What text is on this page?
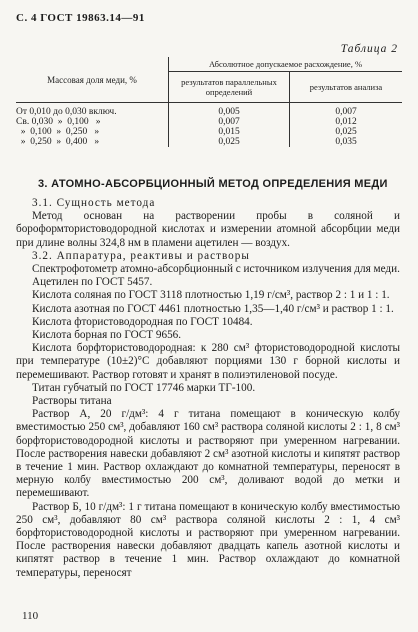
С. 4 ГОСТ 19863.14—91
Таблица 2
Массовая доля меди, %	Абсолютное допускаемое расхождение, %	
	результатов параллельных определений	результатов анализа
От 0,010 до 0,030 включ.	0,005	0,007
Св. 0,030  »  0,100   »	0,007	0,012
»  0,100  »  0,250   »	0,015	0,025
»  0,250  »  0,400   »	0,025	0,035
3. АТОМНО-АБСОРБЦИОННЫЙ МЕТОД ОПРЕДЕЛЕНИЯ МЕДИ

3.1. Сущность метода

Метод основан на растворении пробы в соляной и бороформтористоводородной кислотах и измерении атомной абсорбции меди при длине волны 324,8 нм в пламени ацетилен — воздух.

3.2. Аппаратура, реактивы и растворы

Спектрофотометр атомно-абсорбционный с источником излучения для меди.

Ацетилен по ГОСТ 5457.

Кислота соляная по ГОСТ 3118 плотностью 1,19 г/см³, раствор 2 : 1 и 1 : 1.

Кислота азотная по ГОСТ 4461 плотностью 1,35—1,40 г/см³ и раствор 1 : 1.

Кислота фтористоводородная по ГОСТ 10484.

Кислота борная по ГОСТ 9656.

Кислота борфтористоводородная: к 280 см³ фтористоводородной кислоты при температуре (10±2)°С добавляют порциями 130 г борной кислоты и перемешивают. Раствор готовят и хранят в полиэтиленовой посуде.

Титан губчатый по ГОСТ 17746 марки ТГ-100.

Растворы титана

Раствор А, 20 г/дм³: 4 г титана помещают в коническую колбу вместимостью 250 см³, добавляют 160 см³ раствора соляной кислоты 2 : 1, 8 см³ борфтористоводородной кислоты и растворяют при умеренном нагревании. После растворения навески добавляют 2 см³ азотной кислоты и кипятят раствор в течение 1 мин. Раствор охлаждают до комнатной температуры, переносят в мерную колбу вместимостью 200 см³, доливают водой до метки и перемешивают.

Раствор Б, 10 г/дм³: 1 г титана помещают в коническую колбу вместимостью 250 см³, добавляют 80 см³ раствора соляной кислоты 2 : 1, 4 см³ борфтористоводородной кислоты и растворяют при умеренном нагревании. После растворения навески добавляют двадцать капель азотной кислоты и кипятят раствор в течение 1 мин. Раствор охлаждают до комнатной температуры, переносят

110
